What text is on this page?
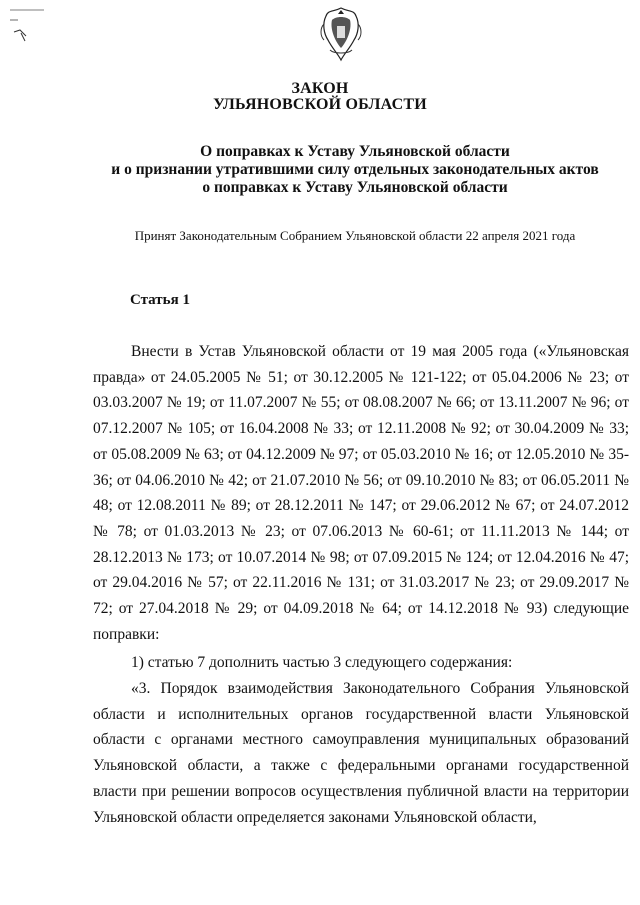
ЗАКОН
УЛЬЯНОВСКОЙ ОБЛАСТИ
О поправках к Уставу Ульяновской области
и о признании утратившими силу отдельных законодательных актов
о поправках к Уставу Ульяновской области
Принят Законодательным Собранием Ульяновской области 22 апреля 2021 года
Статья 1

Внести в Устав Ульяновской области от 19 мая 2005 года («Ульяновская правда» от 24.05.2005 № 51; от 30.12.2005 № 121-122; от 05.04.2006 № 23; от 03.03.2007 № 19; от 11.07.2007 № 55; от 08.08.2007 № 66; от 13.11.2007 № 96; от 07.12.2007 № 105; от 16.04.2008 № 33; от 12.11.2008 № 92; от 30.04.2009 № 33; от 05.08.2009 № 63; от 04.12.2009 № 97; от 05.03.2010 № 16; от 12.05.2010 № 35-36; от 04.06.2010 № 42; от 21.07.2010 № 56; от 09.10.2010 № 83; от 06.05.2011 № 48; от 12.08.2011 № 89; от 28.12.2011 № 147; от 29.06.2012 № 67; от 24.07.2012 № 78; от 01.03.2013 № 23; от 07.06.2013 № 60-61; от 11.11.2013 № 144; от 28.12.2013 № 173; от 10.07.2014 № 98; от 07.09.2015 № 124; от 12.04.2016 № 47; от 29.04.2016 № 57; от 22.11.2016 № 131; от 31.03.2017 № 23; от 29.09.2017 № 72; от 27.04.2018 № 29; от 04.09.2018 № 64; от 14.12.2018 № 93) следующие поправки:

1) статью 7 дополнить частью 3 следующего содержания:

«3. Порядок взаимодействия Законодательного Собрания Ульяновской области и исполнительных органов государственной власти Ульяновской области с органами местного самоуправления муниципальных образований Ульяновской области, а также с федеральными органами государственной власти при решении вопросов осуществления публичной власти на территории Ульяновской области определяется законами Ульяновской области,
